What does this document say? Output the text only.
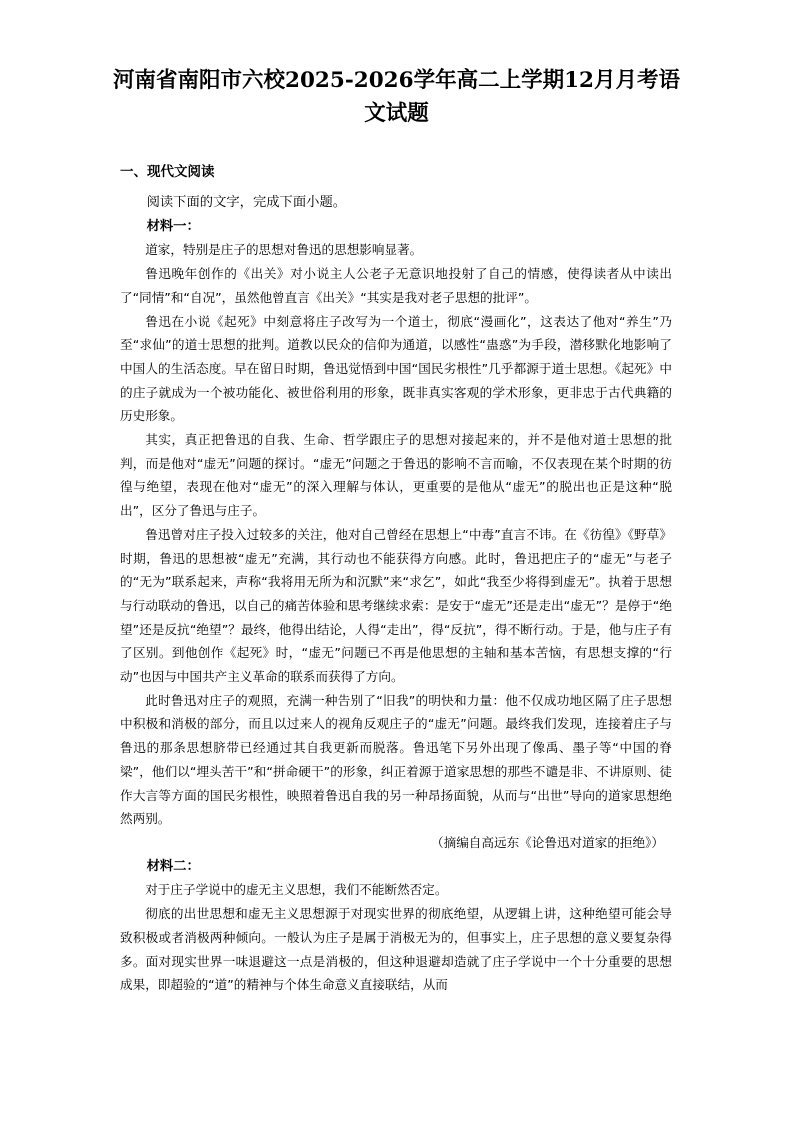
河南省南阳市六校2025-2026学年高二上学期12月月考语文试题
一、现代文阅读

阅读下面的文字，完成下面小题。

材料一：

道家，特别是庄子的思想对鲁迅的思想影响显著。

鲁迅晚年创作的《出关》对小说主人公老子无意识地投射了自己的情感，使得读者从中读出了“同情”和“自况”，虽然他曾直言《出关》“其实是我对老子思想的批评”。

鲁迅在小说《起死》中刻意将庄子改写为一个道士，彻底“漫画化”，这表达了他对“养生”乃至“求仙”的道士思想的批判。道教以民众的信仰为通道，以感性“蛊惑”为手段，潜移默化地影响了中国人的生活态度。早在留日时期，鲁迅觉悟到中国“国民劣根性”几乎都源于道士思想。《起死》中的庄子就成为一个被功能化、被世俗利用的形象，既非真实客观的学术形象，更非忠于古代典籍的历史形象。

其实，真正把鲁迅的自我、生命、哲学跟庄子的思想对接起来的，并不是他对道士思想的批判，而是他对“虚无”问题的探讨。“虚无”问题之于鲁迅的影响不言而喻，不仅表现在某个时期的彷徨与绝望，表现在他对“虚无”的深入理解与体认，更重要的是他从“虚无”的脱出也正是这种“脱出”，区分了鲁迅与庄子。

鲁迅曾对庄子投入过较多的关注，他对自己曾经在思想上“中毒”直言不讳。在《彷徨》《野草》时期，鲁迅的思想被“虚无”充满，其行动也不能获得方向感。此时，鲁迅把庄子的“虚无”与老子的“无为”联系起来，声称“我将用无所为和沉默”来“求乞”，如此“我至少将得到虚无”。执着于思想与行动联动的鲁迅，以自己的痛苦体验和思考继续求索：是安于“虚无”还是走出“虚无”？是停于“绝望”还是反抗“绝望”？最终，他得出结论，人得“走出”，得“反抗”，得不断行动。于是，他与庄子有了区别。到他创作《起死》时，“虚无”问题已不再是他思想的主轴和基本苦恼，有思想支撑的“行动”也因与中国共产主义革命的联系而获得了方向。

此时鲁迅对庄子的观照，充满一种告别了“旧我”的明快和力量：他不仅成功地区隔了庄子思想中积极和消极的部分，而且以过来人的视角反观庄子的“虚无”问题。最终我们发现，连接着庄子与鲁迅的那条思想脐带已经通过其自我更新而脱落。鲁迅笔下另外出现了像禹、墨子等“中国的脊梁”，他们以“埋头苦干”和“拼命硬干”的形象，纠正着源于道家思想的那些不谴是非、不讲原则、徒作大言等方面的国民劣根性，映照着鲁迅自我的另一种昂扬面貌，从而与“出世”导向的道家思想绝然两别。

（摘编自高远东《论鲁迅对道家的拒绝》）

材料二：

对于庄子学说中的虚无主义思想，我们不能断然否定。

彻底的出世思想和虚无主义思想源于对现实世界的彻底绝望，从逻辑上讲，这种绝望可能会导致积极或者消极两种倾向。一般认为庄子是属于消极无为的，但事实上，庄子思想的意义要复杂得多。面对现实世界一味退避这一点是消极的，但这种退避却造就了庄子学说中一个十分重要的思想成果，即超验的“道”的精神与个体生命意义直接联结，从而
